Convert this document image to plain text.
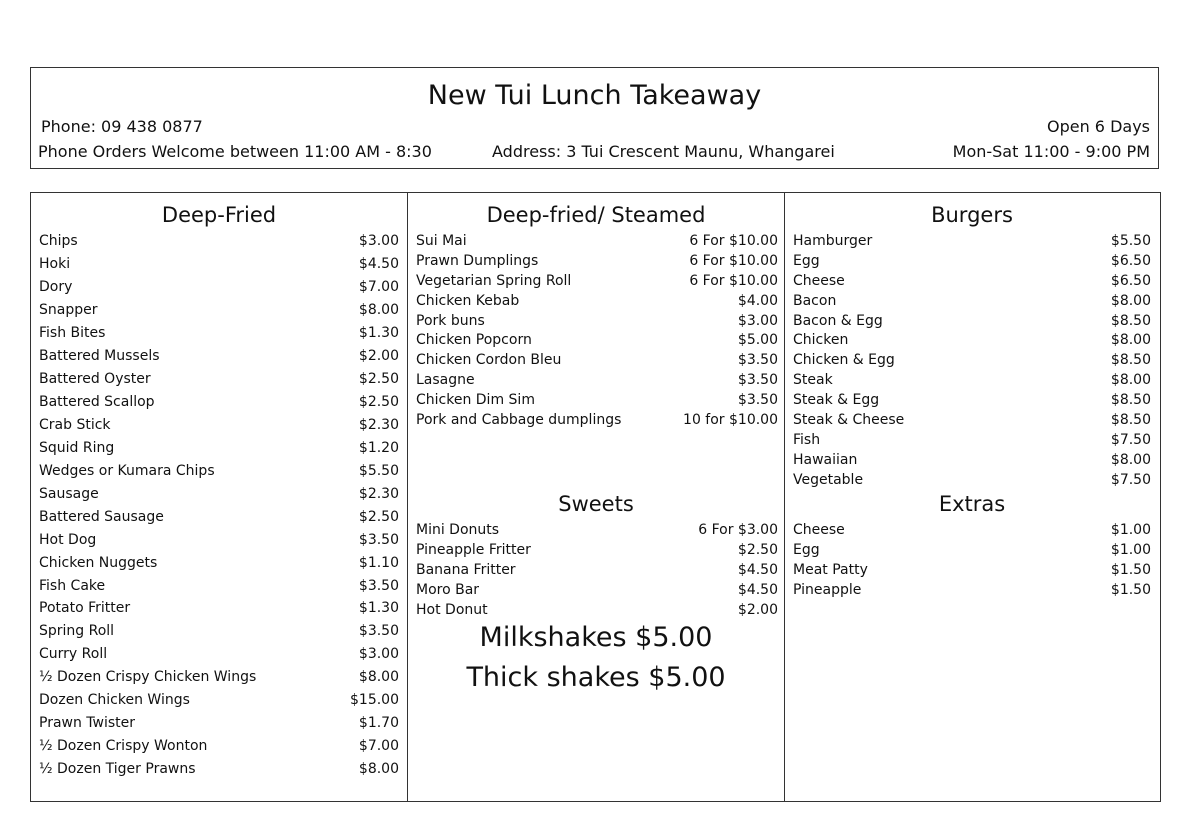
New Tui Lunch Takeaway
Phone: 09 438 0877	Open 6 Days
Phone Orders Welcome between 11:00 AM - 8:30	Address: 3 Tui Crescent Maunu, Whangarei	Mon-Sat 11:00 - 9:00 PM
Deep-Fried
Chips	$3.00
Hoki	$4.50
Dory	$7.00
Snapper	$8.00
Fish Bites	$1.30
Battered Mussels	$2.00
Battered Oyster	$2.50
Battered Scallop	$2.50
Crab Stick	$2.30
Squid Ring	$1.20
Wedges or Kumara Chips	$5.50
Sausage	$2.30
Battered Sausage	$2.50
Hot Dog	$3.50
Chicken Nuggets	$1.10
Fish Cake	$3.50
Potato Fritter	$1.30
Spring Roll	$3.50
Curry Roll	$3.00
½ Dozen Crispy Chicken Wings	$8.00
Dozen Chicken Wings	$15.00
Prawn Twister	$1.70
½ Dozen Crispy Wonton	$7.00
½ Dozen Tiger Prawns	$8.00
Deep-fried/ Steamed
Sui Mai	6 For $10.00
Prawn Dumplings	6 For $10.00
Vegetarian Spring Roll	6 For $10.00
Chicken Kebab	$4.00
Pork buns	$3.00
Chicken Popcorn	$5.00
Chicken Cordon Bleu	$3.50
Lasagne	$3.50
Chicken Dim Sim	$3.50
Pork and Cabbage dumplings	10 for $10.00
Sweets
Mini Donuts	6 For $3.00
Pineapple Fritter	$2.50
Banana Fritter	$4.50
Moro Bar	$4.50
Hot Donut	$2.00
Milkshakes $5.00
Thick shakes $5.00
Burgers
Hamburger	$5.50
Egg	$6.50
Cheese	$6.50
Bacon	$8.00
Bacon & Egg	$8.50
Chicken	$8.00
Chicken & Egg	$8.50
Steak	$8.00
Steak & Egg	$8.50
Steak & Cheese	$8.50
Fish	$7.50
Hawaiian	$8.00
Vegetable	$7.50
Extras
Cheese	$1.00
Egg	$1.00
Meat Patty	$1.50
Pineapple	$1.50
